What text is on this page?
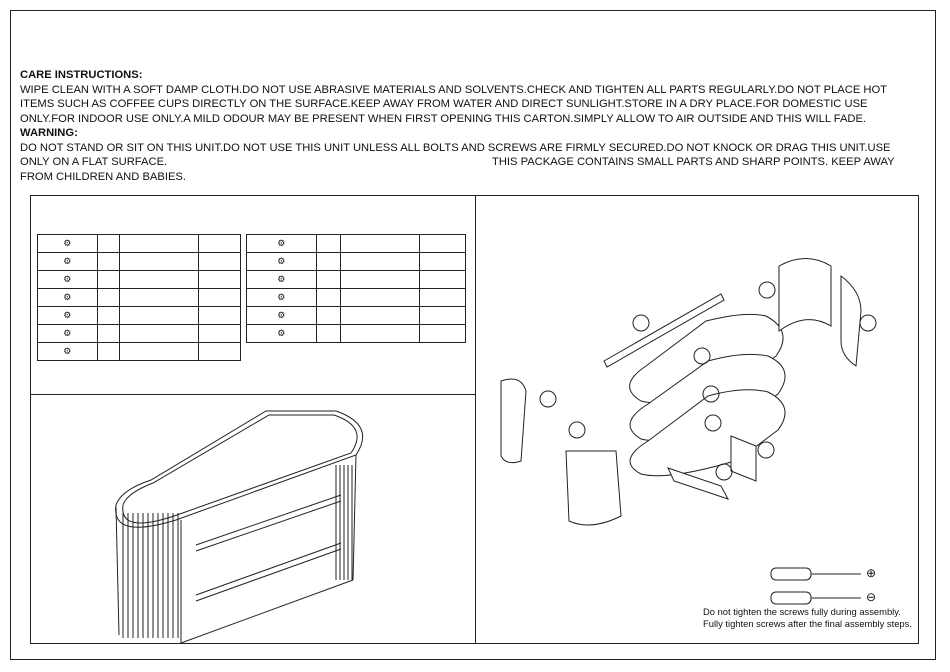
CARE INSTRUCTIONS:
WIPE CLEAN WITH A SOFT DAMP CLOTH.DO NOT USE ABRASIVE MATERIALS AND SOLVENTS.CHECK AND TIGHTEN ALL PARTS REGULARLY.DO NOT PLACE HOT ITEMS SUCH AS COFFEE CUPS DIRECTLY ON THE SURFACE.KEEP AWAY FROM WATER AND DIRECT SUNLIGHT.STORE IN A DRY PLACE.FOR DOMESTIC USE ONLY.FOR INDOOR USE ONLY.A MILD ODOUR MAY BE PRESENT WHEN FIRST OPENING THIS CARTON.SIMPLY ALLOW TO AIR OUTSIDE AND THIS WILL FADE.
WARNING:
DO NOT STAND OR SIT ON THIS UNIT.DO NOT USE THIS UNIT UNLESS ALL BOLTS AND SCREWS ARE FIRMLY SECURED.DO NOT KNOCK OR DRAG THIS UNIT.USE
ONLY ON A FLAT SURFACE.	THIS PACKAGE CONTAINS SMALL PARTS AND SHARP POINTS. KEEP AWAY
FROM CHILDREN AND BABIES.
⚙			
⚙			
⚙			
⚙			
⚙			
⚙			
⚙			
⚙			
⚙			
⚙			
⚙			
⚙			
⚙			
⊕
⊖
Do not tighten the screws fully during assembly.
Fully tighten screws after the final assembly steps.
